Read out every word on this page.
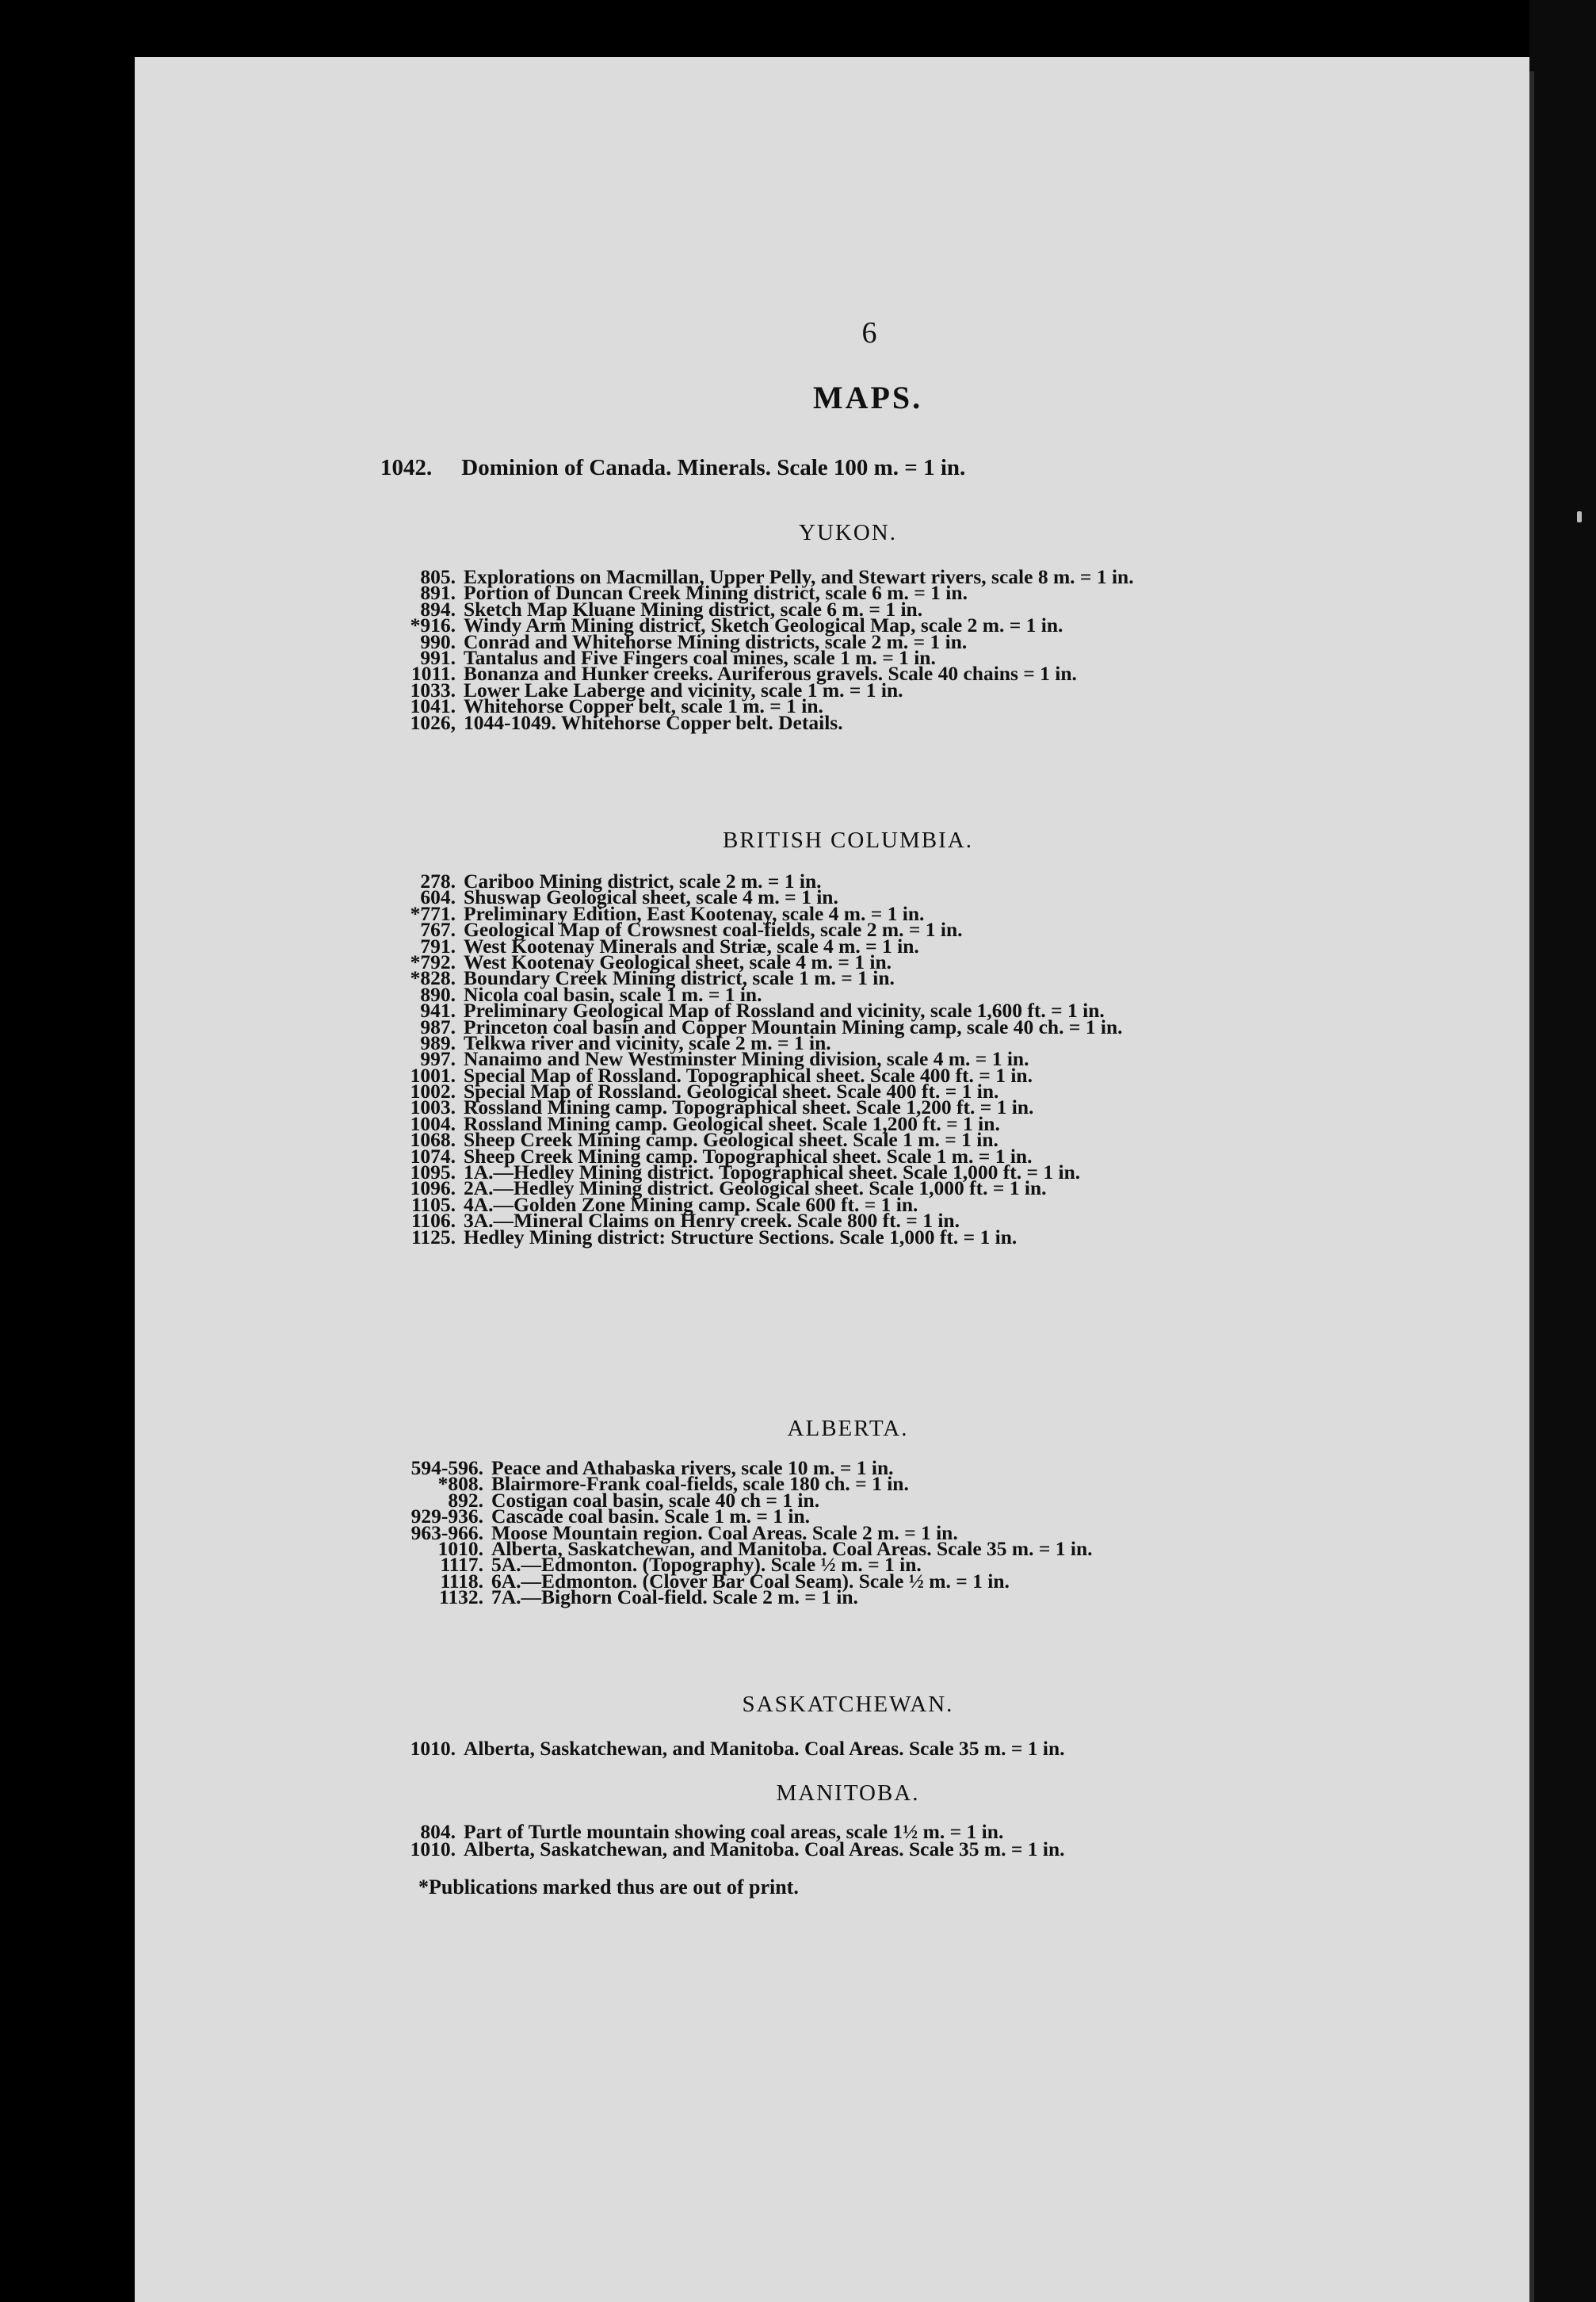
6
MAPS.
1042. Dominion of Canada. Minerals. Scale 100 m. = 1 in.
YUKON.
805. Explorations on Macmillan, Upper Pelly, and Stewart rivers, scale 8 m. = 1 in.
891. Portion of Duncan Creek Mining district, scale 6 m. = 1 in.
894. Sketch Map Kluane Mining district, scale 6 m. = 1 in.
*916. Windy Arm Mining district, Sketch Geological Map, scale 2 m. = 1 in.
990. Conrad and Whitehorse Mining districts, scale 2 m. = 1 in.
991. Tantalus and Five Fingers coal mines, scale 1 m. = 1 in.
1011. Bonanza and Hunker creeks. Auriferous gravels. Scale 40 chains = 1 in.
1033. Lower Lake Laberge and vicinity, scale 1 m. = 1 in.
1041. Whitehorse Copper belt, scale 1 m. = 1 in.
1026, 1044-1049. Whitehorse Copper belt. Details.
BRITISH COLUMBIA.
278. Cariboo Mining district, scale 2 m. = 1 in.
604. Shuswap Geological sheet, scale 4 m. = 1 in.
*771. Preliminary Edition, East Kootenay, scale 4 m. = 1 in.
767. Geological Map of Crowsnest coal-fields, scale 2 m. = 1 in.
791. West Kootenay Minerals and Striæ, scale 4 m. = 1 in.
*792. West Kootenay Geological sheet, scale 4 m. = 1 in.
*828. Boundary Creek Mining district, scale 1 m. = 1 in.
890. Nicola coal basin, scale 1 m. = 1 in.
941. Preliminary Geological Map of Rossland and vicinity, scale 1,600 ft. = 1 in.
987. Princeton coal basin and Copper Mountain Mining camp, scale 40 ch. = 1 in.
989. Telkwa river and vicinity, scale 2 m. = 1 in.
997. Nanaimo and New Westminster Mining division, scale 4 m. = 1 in.
1001. Special Map of Rossland. Topographical sheet. Scale 400 ft. = 1 in.
1002. Special Map of Rossland. Geological sheet. Scale 400 ft. = 1 in.
1003. Rossland Mining camp. Topographical sheet. Scale 1,200 ft. = 1 in.
1004. Rossland Mining camp. Geological sheet. Scale 1,200 ft. = 1 in.
1068. Sheep Creek Mining camp. Geological sheet. Scale 1 m. = 1 in.
1074. Sheep Creek Mining camp. Topographical sheet. Scale 1 m. = 1 in.
1095. 1A.—Hedley Mining district. Topographical sheet. Scale 1,000 ft. = 1 in.
1096. 2A.—Hedley Mining district. Geological sheet. Scale 1,000 ft. = 1 in.
1105. 4A.—Golden Zone Mining camp. Scale 600 ft. = 1 in.
1106. 3A.—Mineral Claims on Henry creek. Scale 800 ft. = 1 in.
1125. Hedley Mining district: Structure Sections. Scale 1,000 ft. = 1 in.
ALBERTA.
594-596. Peace and Athabaska rivers, scale 10 m. = 1 in.
*808. Blairmore-Frank coal-fields, scale 180 ch. = 1 in.
892. Costigan coal basin, scale 40 ch = 1 in.
929-936. Cascade coal basin. Scale 1 m. = 1 in.
963-966. Moose Mountain region. Coal Areas. Scale 2 m. = 1 in.
1010. Alberta, Saskatchewan, and Manitoba. Coal Areas. Scale 35 m. = 1 in.
1117. 5A.—Edmonton. (Topography). Scale ½ m. = 1 in.
1118. 6A.—Edmonton. (Clover Bar Coal Seam). Scale ½ m. = 1 in.
1132. 7A.—Bighorn Coal-field. Scale 2 m. = 1 in.
SASKATCHEWAN.
1010. Alberta, Saskatchewan, and Manitoba. Coal Areas. Scale 35 m. = 1 in.
MANITOBA.
804. Part of Turtle mountain showing coal areas, scale 1½ m. = 1 in.
1010. Alberta, Saskatchewan, and Manitoba. Coal Areas. Scale 35 m. = 1 in.
*Publications marked thus are out of print.
